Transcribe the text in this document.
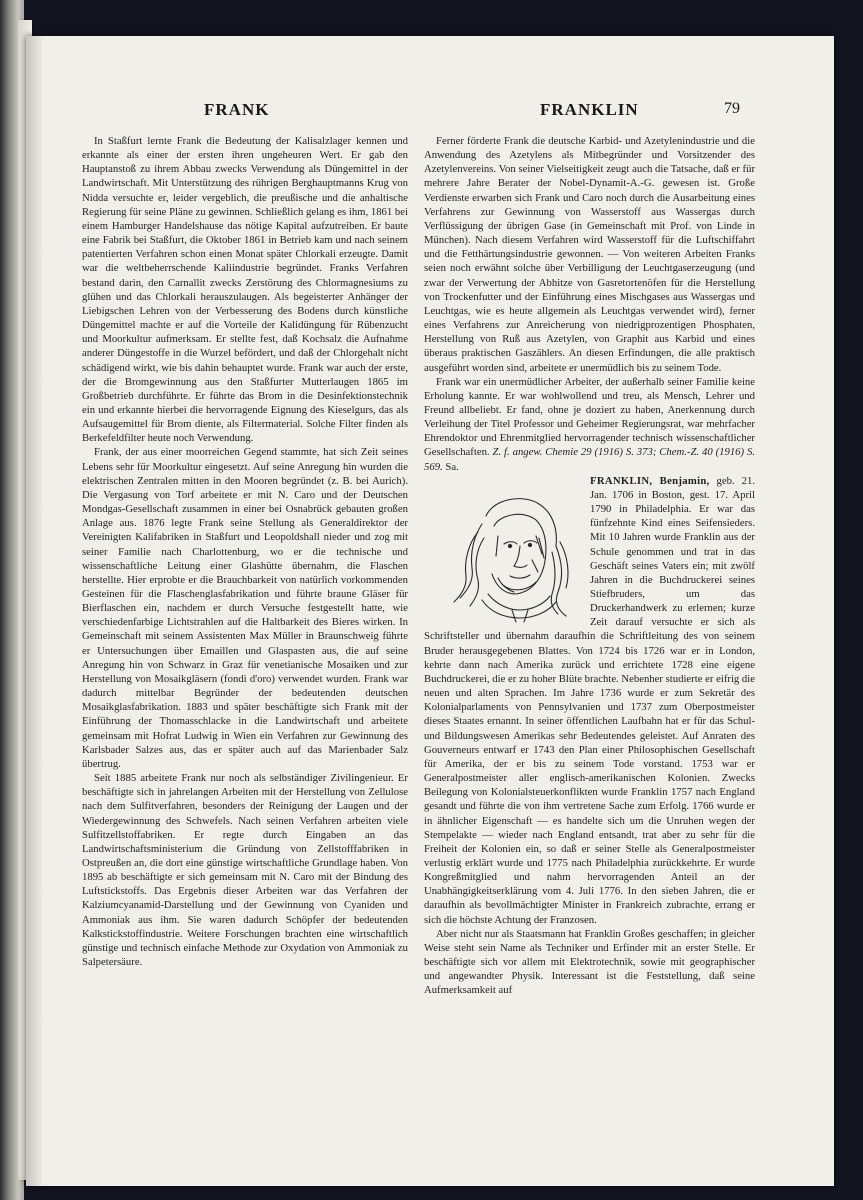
FRANK	FRANKLIN	79

In Staßfurt lernte Frank die Bedeutung der Kalisalzlager kennen und erkannte als einer der ersten ihren ungeheuren Wert. Er gab den Hauptanstoß zu ihrem Abbau zwecks Verwendung als Düngemittel in der Landwirtschaft. Mit Unterstützung des rührigen Berghauptmanns Krug von Nidda versuchte er, leider vergeblich, die preußische und die anhaltische Regierung für seine Pläne zu gewinnen. Schließlich gelang es ihm, 1861 bei einem Hamburger Handelshause das nötige Kapital aufzutreiben. Er baute eine Fabrik bei Staßfurt, die Oktober 1861 in Betrieb kam und nach seinem patentierten Verfahren schon einen Monat später Chlorkali erzeugte. Damit war die weltbeherrschende Kaliindustrie begründet. Franks Verfahren bestand darin, den Carnallit zwecks Zerstörung des Chlormagnesiums zu glühen und das Chlorkali herauszulaugen. Als begeisterter Anhänger der Liebigschen Lehren von der Verbesserung des Bodens durch künstliche Düngemittel machte er auf die Vorteile der Kalidüngung für Rübenzucht und Moorkultur aufmerksam. Er stellte fest, daß Kochsalz die Aufnahme anderer Düngestoffe in die Wurzel befördert, und daß der Chlorgehalt nicht schädigend wirkt, wie bis dahin behauptet wurde. Frank war auch der erste, der die Bromgewinnung aus den Staßfurter Mutterlaugen 1865 im Großbetrieb durchführte. Er führte das Brom in die Desinfektionstechnik ein und erkannte hierbei die hervorragende Eignung des Kieselgurs, das als Aufsaugemittel für Brom diente, als Filtermaterial. Solche Filter finden als Berkefeldfilter heute noch Verwendung.

Frank, der aus einer moorreichen Gegend stammte, hat sich Zeit seines Lebens sehr für Moorkultur eingesetzt. Auf seine Anregung hin wurden die elektrischen Zentralen mitten in den Mooren begründet (z. B. bei Aurich). Die Vergasung von Torf arbeitete er mit N. Caro und der Deutschen Mondgas-Gesellschaft zusammen in einer bei Osnabrück gebauten großen Anlage aus. 1876 legte Frank seine Stellung als Generaldirektor der Vereinigten Kalifabriken in Staßfurt und Leopoldshall nieder und zog mit seiner Familie nach Charlottenburg, wo er die technische und wissenschaftliche Leitung einer Glashütte übernahm, die Flaschen herstellte. Hier erprobte er die Brauchbarkeit von natürlich vorkommenden Gesteinen für die Flaschenglasfabrikation und führte braune Gläser für Bierflaschen ein, nachdem er durch Versuche festgestellt hatte, wie verschiedenfarbige Lichtstrahlen auf die Haltbarkeit des Bieres wirken. In Gemeinschaft mit seinem Assistenten Max Müller in Braunschweig führte er Untersuchungen über Emaillen und Glaspasten aus, die auf seine Anregung hin von Schwarz in Graz für venetianische Mosaiken und zur Herstellung von Mosaikgläsern (fondi d'oro) verwendet wurden. Frank war dadurch mittelbar Begründer der bedeutenden deutschen Mosaikglasfabrikation. 1883 und später beschäftigte sich Frank mit der Einführung der Thomasschlacke in die Landwirtschaft und arbeitete gemeinsam mit Hofrat Ludwig in Wien ein Verfahren zur Gewinnung des Karlsbader Salzes aus, das er später auch auf das Marienbader Salz übertrug.

Seit 1885 arbeitete Frank nur noch als selbständiger Zivilingenieur. Er beschäftigte sich in jahrelangen Arbeiten mit der Herstellung von Zellulose nach dem Sulfitverfahren, besonders der Reinigung der Laugen und der Wiedergewinnung des Schwefels. Nach seinen Verfahren arbeiten viele Sulfitzellstoffabriken. Er regte durch Eingaben an das Landwirtschaftsministerium die Gründung von Zellstofffabriken in Ostpreußen an, die dort eine günstige wirtschaftliche Grundlage haben. Von 1895 ab beschäftigte er sich gemeinsam mit N. Caro mit der Bindung des Luftstickstoffs. Das Ergebnis dieser Arbeiten war das Verfahren der Kalziumcyanamid-Darstellung und der Gewinnung von Cyaniden und Ammoniak aus ihm. Sie waren dadurch Schöpfer der bedeutenden Kalkstickstoffindustrie. Weitere Forschungen brachten eine wirtschaftlich günstige und technisch einfache Methode zur Oxydation von Ammoniak zu Salpetersäure.

Ferner förderte Frank die deutsche Karbid- und Azetylenindustrie und die Anwendung des Azetylens als Mitbegründer und Vorsitzender des Azetylenvereins. Von seiner Vielseitigkeit zeugt auch die Tatsache, daß er für mehrere Jahre Berater der Nobel-Dynamit-A.-G. gewesen ist. Große Verdienste erwarben sich Frank und Caro noch durch die Ausarbeitung eines Verfahrens zur Gewinnung von Wasserstoff aus Wassergas durch Verflüssigung der übrigen Gase (in Gemeinschaft mit Prof. von Linde in München). Nach diesem Verfahren wird Wasserstoff für die Luftschiffahrt und die Fetthärtungsindustrie gewonnen. — Von weiteren Arbeiten Franks seien noch erwähnt solche über Verbilligung der Leuchtgaserzeugung (und zwar der Verwertung der Abhitze von Gasretortenöfen für die Herstellung von Trockenfutter und der Einführung eines Mischgases aus Wassergas und Leuchtgas, wie es heute allgemein als Leuchtgas verwendet wird), ferner eines Verfahrens zur Anreicherung von niedrigprozentigen Phosphaten, Herstellung von Ruß aus Azetylen, von Graphit aus Karbid und eines überaus praktischen Gaszählers. An diesen Erfindungen, die alle praktisch ausgeführt worden sind, arbeitete er unermüdlich bis zu seinem Tode.

Frank war ein unermüdlicher Arbeiter, der außerhalb seiner Familie keine Erholung kannte. Er war wohlwollend und treu, als Mensch, Lehrer und Freund allbeliebt. Er fand, ohne je doziert zu haben, Anerkennung durch Verleihung der Titel Professor und Geheimer Regierungsrat, war mehrfacher Ehrendoktor und Ehrenmitglied hervorragender technisch wissenschaftlicher Gesellschaften. Z. f. angew. Chemie 29 (1916) S. 373; Chem.-Z. 40 (1916) S. 569. Sa.

FRANKLIN, Benjamin, geb. 21. Jan. 1706 in Boston, gest. 17. April 1790 in Philadelphia. Er war das fünfzehnte Kind eines Seifensieders. Mit 10 Jahren wurde Franklin aus der Schule genommen und trat in das Geschäft seines Vaters ein; mit zwölf Jahren in die Buchdruckerei seines Stiefbruders, um das Druckerhandwerk zu erlernen; kurze Zeit darauf versuchte er sich als Schriftsteller und übernahm daraufhin die Schriftleitung des von seinem Bruder herausgegebenen Blattes. Von 1724 bis 1726 war er in London, kehrte dann nach Amerika zurück und errichtete 1728 eine eigene Buchdruckerei, die er zu hoher Blüte brachte. Nebenher studierte er eifrig die neuen und alten Sprachen. Im Jahre 1736 wurde er zum Sekretär des Kolonialparlaments von Pennsylvanien und 1737 zum Oberpostmeister dieses Staates ernannt. In seiner öffentlichen Laufbahn hat er für das Schul- und Bildungswesen Amerikas sehr Bedeutendes geleistet. Auf Anraten des Gouverneurs entwarf er 1743 den Plan einer Philosophischen Gesellschaft für Amerika, der er bis zu seinem Tode vorstand. 1753 war er Generalpostmeister aller englisch-amerikanischen Kolonien. Zwecks Beilegung von Kolonialsteuerkonflikten wurde Franklin 1757 nach England gesandt und führte die von ihm vertretene Sache zum Erfolg. 1766 wurde er in ähnlicher Eigenschaft — es handelte sich um die Unruhen wegen der Stempelakte — wieder nach England entsandt, trat aber zu sehr für die Freiheit der Kolonien ein, so daß er seiner Stelle als Generalpostmeister verlustig erklärt wurde und 1775 nach Philadelphia zurückkehrte. Er wurde Kongreßmitglied und nahm hervorragenden Anteil an der Unabhängigkeitserklärung vom 4. Juli 1776. In den sieben Jahren, die er daraufhin als bevollmächtigter Minister in Frankreich zubrachte, errang er sich die höchste Achtung der Franzosen.

Aber nicht nur als Staatsmann hat Franklin Großes geschaffen; in gleicher Weise steht sein Name als Techniker und Erfinder mit an erster Stelle. Er beschäftigte sich vor allem mit Elektrotechnik, sowie mit geographischer und angewandter Physik. Interessant ist die Feststellung, daß seine Aufmerksamkeit auf
